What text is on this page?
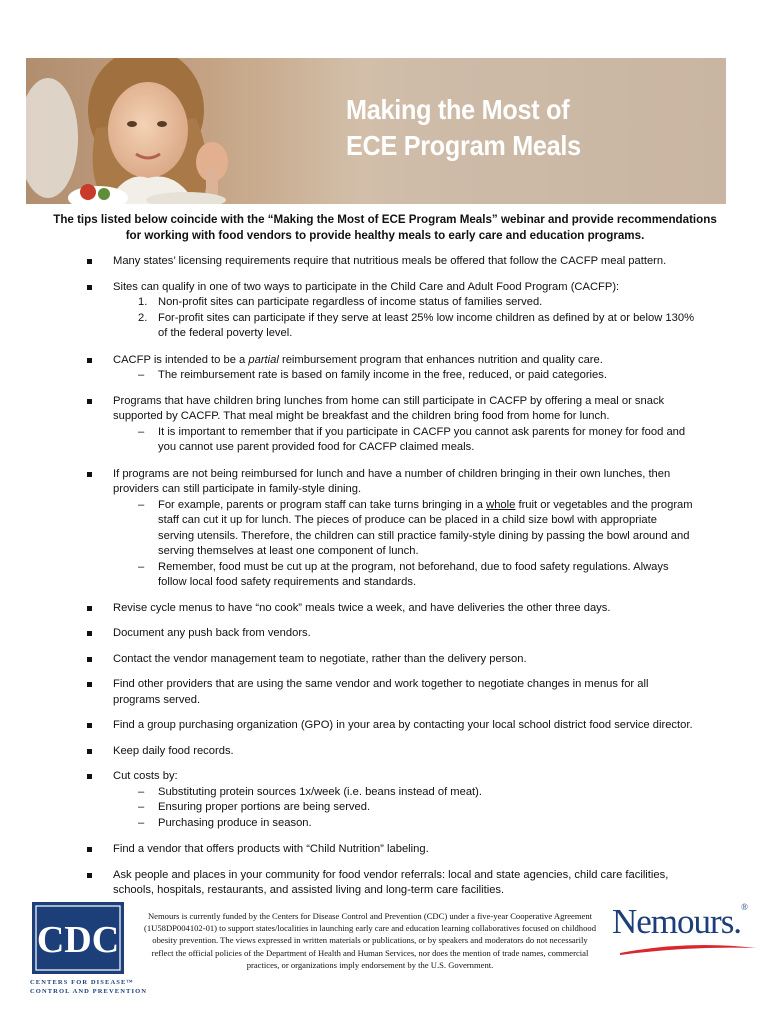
Making the Most of
ECE Program Meals
The tips listed below coincide with the “Making the Most of ECE Program Meals” webinar and provide recommendations
for working with food vendors to provide healthy meals to early care and education programs.
Many states’ licensing requirements require that nutritious meals be offered that follow the CACFP meal pattern.
Sites can qualify in one of two ways to participate in the Child Care and Adult Food Program (CACFP):
1. Non-profit sites can participate regardless of income status of families served.
2. For-profit sites can participate if they serve at least 25% low income children as defined by at or below 130%
of the federal poverty level.
CACFP is intended to be a partial reimbursement program that enhances nutrition and quality care.
– The reimbursement rate is based on family income in the free, reduced, or paid categories.
Programs that have children bring lunches from home can still participate in CACFP by offering a meal or snack
supported by CACFP. That meal might be breakfast and the children bring food from home for lunch.
– It is important to remember that if you participate in CACFP you cannot ask parents for money for food and
you cannot use parent provided food for CACFP claimed meals.
If programs are not being reimbursed for lunch and have a number of children bringing in their own lunches, then
providers can still participate in family-style dining.
– For example, parents or program staff can take turns bringing in a whole fruit or vegetables and the program
staff can cut it up for lunch. The pieces of produce can be placed in a child size bowl with appropriate
serving utensils. Therefore, the children can still practice family-style dining by passing the bowl around and
serving themselves at least one component of lunch.
– Remember, food must be cut up at the program, not beforehand, due to food safety regulations. Always
follow local food safety requirements and standards.
Revise cycle menus to have “no cook” meals twice a week, and have deliveries the other three days.
Document any push back from vendors.
Contact the vendor management team to negotiate, rather than the delivery person.
Find other providers that are using the same vendor and work together to negotiate changes in menus for all
programs served.
Find a group purchasing organization (GPO) in your area by contacting your local school district food service director.
Keep daily food records.
Cut costs by:
– Substituting protein sources 1x/week (i.e. beans instead of meat).
– Ensuring proper portions are being served.
– Purchasing produce in season.
Find a vendor that offers products with “Child Nutrition” labeling.
Ask people and places in your community for food vendor referrals: local and state agencies, child care facilities,
schools, hospitals, restaurants, and assisted living and long-term care facilities.
CDC
CENTERS FOR DISEASE™
CONTROL AND PREVENTION
Nemours is currently funded by the Centers for Disease Control and Prevention (CDC) under a five-year Cooperative Agreement
(1U58DP004102-01) to support states/localities in launching early care and education learning collaboratives focused on childhood
obesity prevention. The views expressed in written materials or publications, or by speakers and moderators do not necessarily
reflect the official policies of the Department of Health and Human Services, nor does the mention of trade names, commercial
practices, or organizations imply endorsement by the U.S. Government.
Nemours.®
